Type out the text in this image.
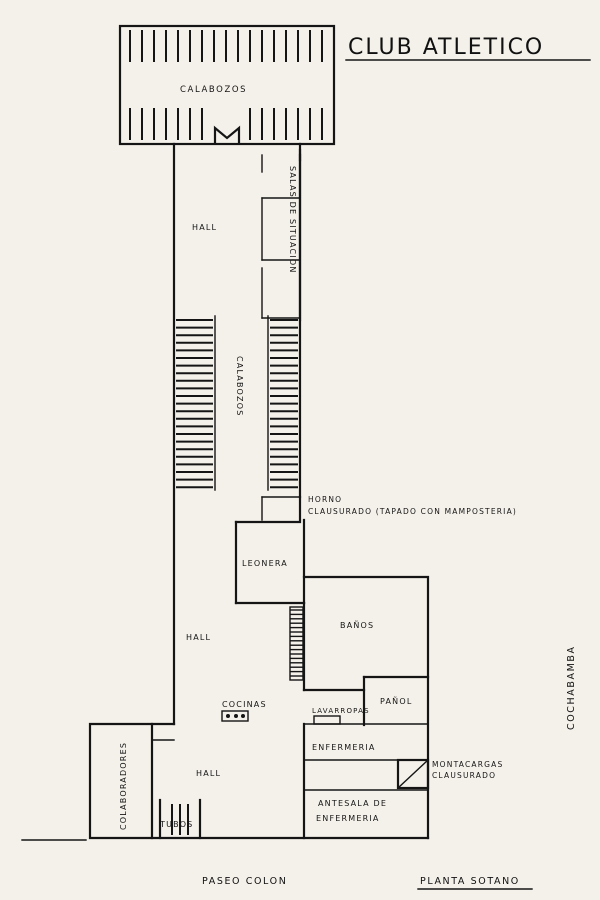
CLUB ATLETICO
CALABOZOS
LEONERA
BAÑOS
PAÑOL
COCINAS
LAVARROPAS
HALL
TUBOS
ENFERMERIA
MONTACARGAS
CLAUSURADO
ANTESALA DE
ENFERMERIA
HALL
HALL
SALAS DE SITUACION
CALABOZOS
HORNO
CLAUSURADO (TAPADO CON MAMPOSTERIA)
COLABORADORES
COCHABAMBA
PASEO COLON	PLANTA SOTANO
